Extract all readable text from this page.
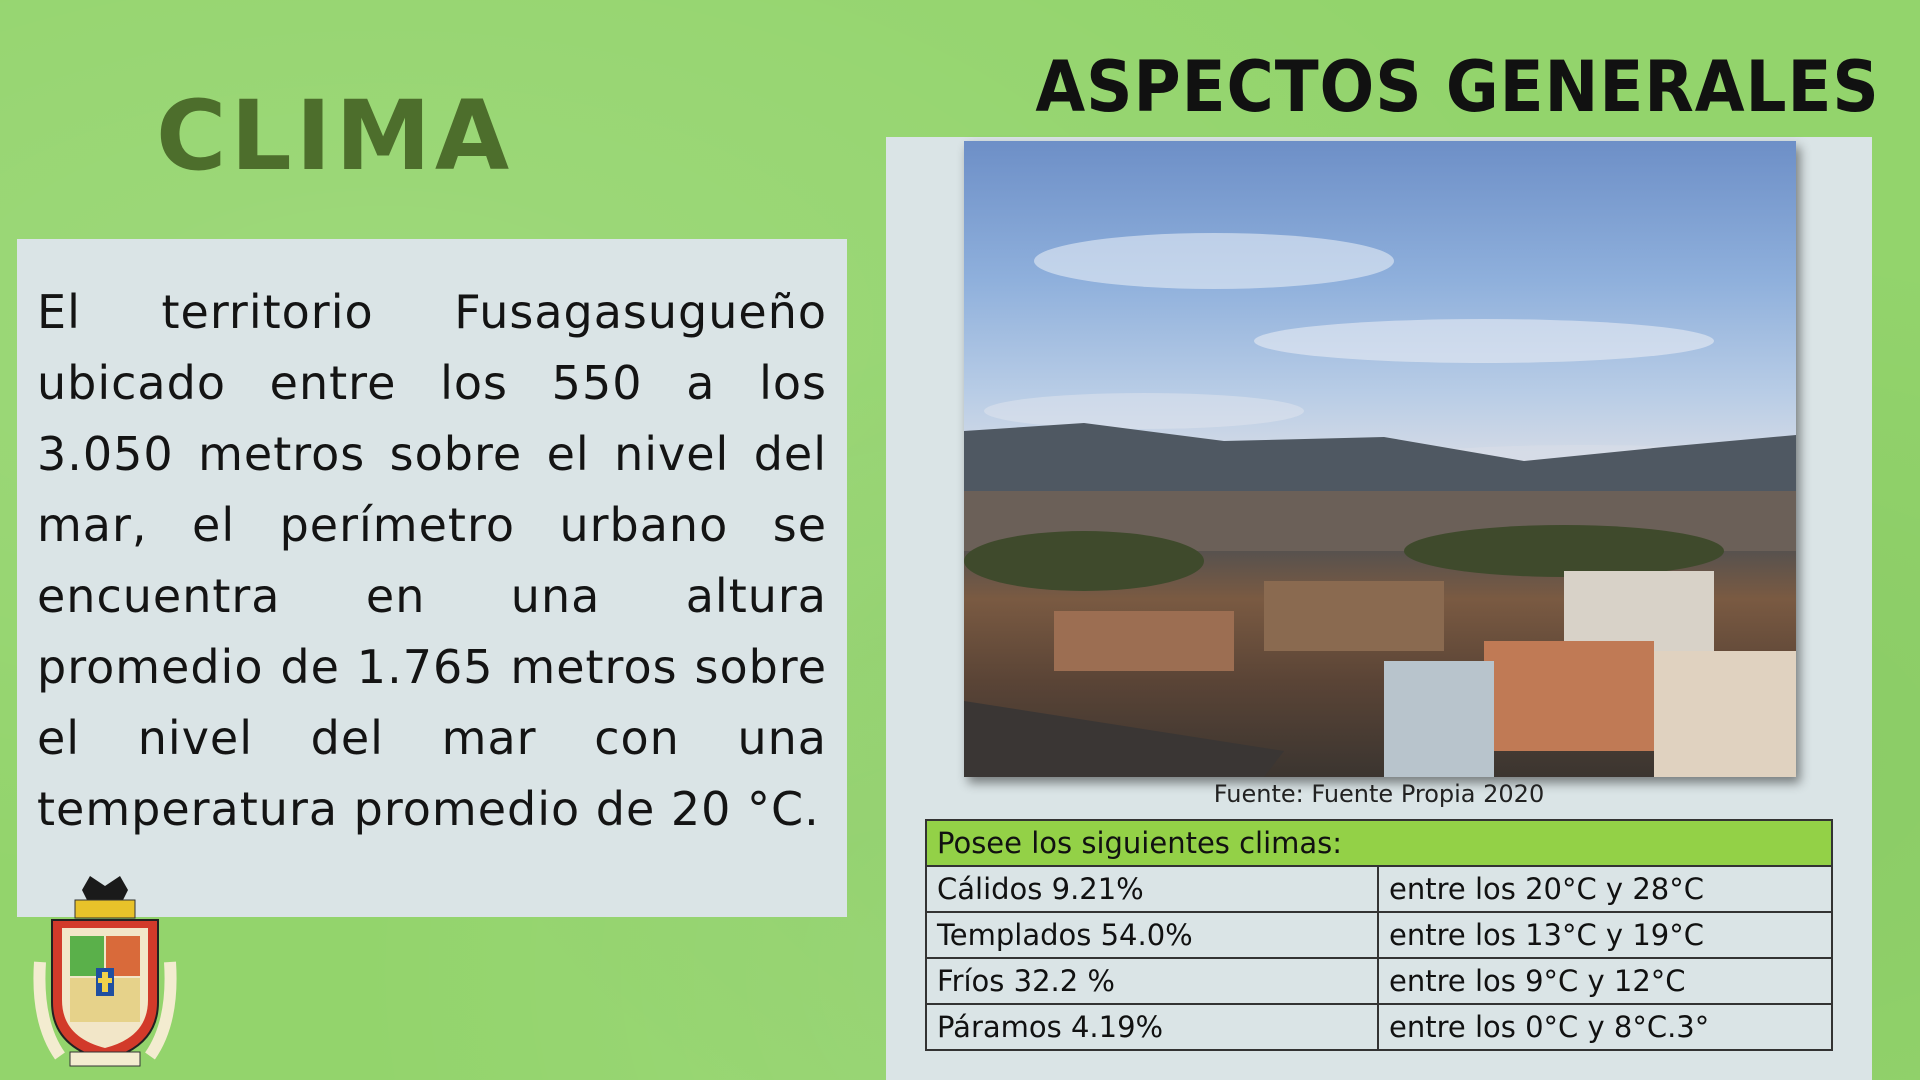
CLIMA	ASPECTOS GENERALES

El territorio Fusagasugueño ubicado entre los 550 a los 3.050 metros sobre el nivel del mar, el perímetro urbano se encuentra en una altura promedio de 1.765 metros sobre el nivel del mar con una temperatura promedio de 20 °C.	Fuente: Fuente Propia 2020

Posee los siguientes climas:	
Cálidos 9.21%	entre los 20°C y 28°C
Templados 54.0%	entre los 13°C y 19°C
Fríos 32.2 %	entre los 9°C y 12°C
Páramos 4.19%	entre los 0°C y 8°C.3°
